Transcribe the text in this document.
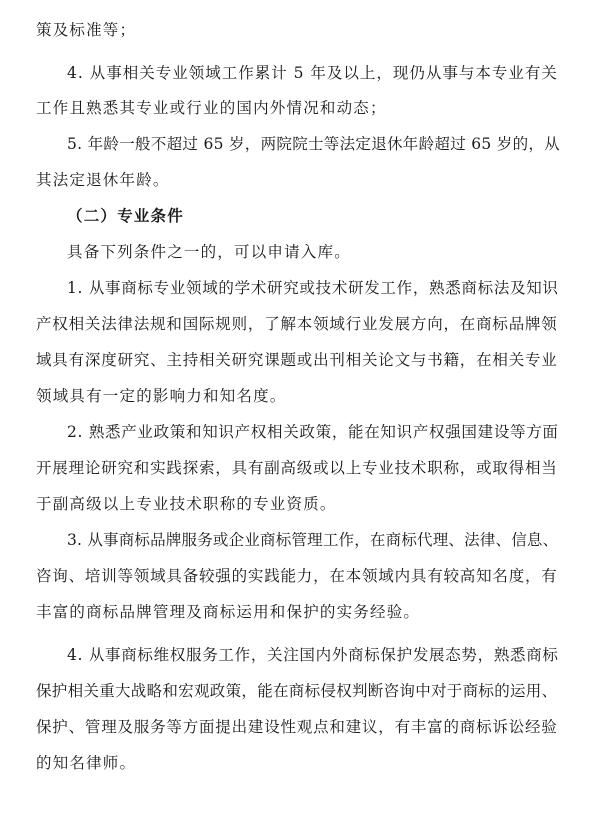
策及标准等；
4. 从事相关专业领域工作累计 5 年及以上，现仍从事与本专业有关
工作且熟悉其专业或行业的国内外情况和动态；
5. 年龄一般不超过 65 岁，两院院士等法定退休年龄超过 65 岁的，从
其法定退休年龄。
（二）专业条件
具备下列条件之一的，可以申请入库。
1. 从事商标专业领域的学术研究或技术研发工作，熟悉商标法及知识
产权相关法律法规和国际规则，了解本领域行业发展方向，在商标品牌领
域具有深度研究、主持相关研究课题或出刊相关论文与书籍，在相关专业
领域具有一定的影响力和知名度。
2. 熟悉产业政策和知识产权相关政策，能在知识产权强国建设等方面
开展理论研究和实践探索，具有副高级或以上专业技术职称，或取得相当
于副高级以上专业技术职称的专业资质。
3. 从事商标品牌服务或企业商标管理工作，在商标代理、法律、信息、
咨询、培训等领域具备较强的实践能力，在本领域内具有较高知名度，有
丰富的商标品牌管理及商标运用和保护的实务经验。
4. 从事商标维权服务工作，关注国内外商标保护发展态势，熟悉商标
保护相关重大战略和宏观政策，能在商标侵权判断咨询中对于商标的运用、
保护、管理及服务等方面提出建设性观点和建议，有丰富的商标诉讼经验
的知名律师。
